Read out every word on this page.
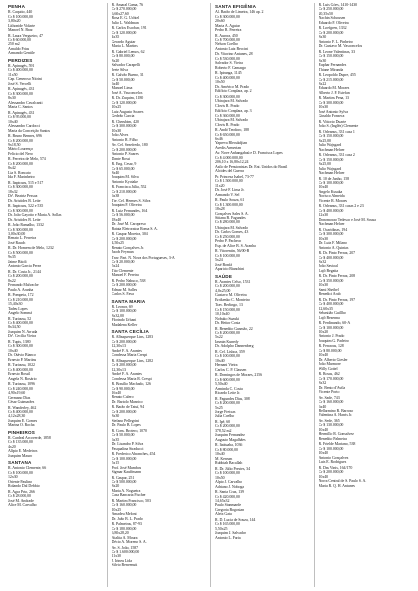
PENHA
R. Caquito, 440
Cr $ 100.000,00
3,80x20
Lithonide Vidarte
Manoel N. Braz
R. Laura Vergueiro, 47
Cr $ 60.000,00
250 m2
Arnaldo Frias
Armando Gentile
PERDIZES
R. Apinagés, 591
Cr $ 400.000,00
11x50
Cap. Generoso Nitrini
José S. Vercelli
R. Apinagés, 431
Cr $ 300.000,00
8x30
Alessandro Cavalcanti
Maria C. Santos
R. Apinagés, 431
Cr $ 95.000,00
10x40
Alessandro Cardocci
Maria da Conceição Santos
R. Bruno Bennes, 696
Cr $ 200.000,00
9x18,50
Mário Lourenço
Felicio del Nero
R. Ferreira de Melo, 574
Cr $ 200.000,00
8x42
Lia S. Roncato
Ida F. Marinheiro
R. Itapicuru, 515 e 517
Cr $ 300.000,00
18x32
Drª. Beatriz Pessoa
Dr. Aristides B. Leite
R. Itapicuru, 522 e 535
Cr $ 300.000,00
Dr. João Gayotto e Maria A. Sollas
Dr. Aristides B. Leite
R. João Ramalho, 1332
Cr $ 300.000,00
3,00x30,00
Renato L. Ferreira
José Rauch
R. Dr. Homem de Melo, 1232
Cr $ 500.000,00
9x35
Jaime Bitoli
Antonio Garcia Perez
R. Dr. Costa Jr., 2144
Cr $ 200.000,00
8x22
Fernando Malvache
Paulo A. Aranha
R. Pompeia, 172
Cr $ 210.000,00
15,40x30
Tadeu Lopes
Angelo Sommá
R. Turiassu, 52
Cr $ 400.000,00
8x34,50
Joaquim N. Arruda
Drª. Cecília Vieira
R. Tupis, 1380
Cr $ 300.000,00
10x40
Dr. Otávio Bianco
Ernesto P. Martins
R. Turiassu, 1022
Cr $ 400.000,00
Ernesto Bossil
Angela N. Rosário
R. Turiassu, 1096
Cr $ 240.000,00
4,90x19,60
Germano Dias
César Guimarães
R. Wanderley, 462
Cr $ 400.000,00
4,12x28,30
Joaquim E. Gomes
Marina O. Rocha
PINHEIROS
R. Cardeal Arcoverde, 1858
Cr $ 135.000,00
4x20
Alípio E. Medeiros
Joaquim Mauro
SANTANA
R. Antonio Clemente, 66
Cr $ 100.000,00
12x30
Oriente Paulino
Rolando Dal Debbio
R. Agra Prto, 266
Cr $ 28.000,00
José M. Andrade
Alice M. Carvalho
R. Amaral Gama, 76
Cr $ 270.000,00
6,60x27,60
Rosa E. G. Üchtel
Julio L. Waldman
R. Carlos Escobar, 191
Cr $ 120.000,00
4x35
Gerardo Aguiar
Maria L. Martins
R. Gabriel Lemos, 62
Cr $ 80.000,00
8x20
Salvador Carapelli
Ivete Silva
R. Galvão Bueno, 31
Cr $ 50.000,00
6x40
Manoel Lima
José A. Vasconcelos
R. Dr. Zuquim, 1180
Cr $ 120.000,00
10x25
Luiz Augusto Soares
Gedeão Garcia
R. Cherubim, 420
Cr $ 300.000,00
10x30
João Alves
Antonio R. Filho
Av. Cel. Sezefredo, 180
Cr $ 200.000,00
Antonio P. Soares
Dante Rossi
R. Eng. Cesar, 9
Cr $ 65.000,00
8x40
Joaquim M. Silva
Antonio Kyotake
R. Francisca Júlia, 552
Cr $ 210.000,00
6x38
Tte. Cel. Hermes S. Silva
Joaquim F. Oliveira
R. Luiz Fernandes, 164
Cr $ 56.000,00
18x40
Dr. José M. Caropreso
Batata Eletroratoa Roma S. A.
R. Gaspar Moreira, 304
Cr $ 200.000,00
4,50x25
Renato Gonçalves Jr.
Jacob Feyman
Trav. Part. N. Nova dos Portugueses, 3-A
Cr $ 20.000,00
5x24
Tito Clemente
Manoel F. Pereira
R. Pedro Nabuco, 538
Cr $ 200.000,00
Edmar M. Salles
Carlos S. Fava
SANTA MARIA
R. Leonor, 69
Cr $ 100.000,00
8x32,00
Florindo Urbani
Madalena Keller
SANTA CECÍLIA
R. Albuquerque Lins, 1283
Cr $ 200.000,00
12,30x13
André F. A. Arantes
Condessa Maria Crespi
R. Albuquerque Lins, 1282
Cr $ 200.000,00
12,30x13
André F. A. Arantes
Condessa Maria R. Crespi
R. Brasílio Machado, 126
Cr $ 90.000,00
16x40
Renato Calero
Dr. Bartolo Manrico
R. Barão de Tatuí, 94
Cr $ 200.000,00
8x30
Stefano Pellegrini
Dr. Paulo B. Lopes
R. Cons. Brotero, 1070
Cr $ 50.000,00
6x35
Dr. Lisandro P. Silva
Pasqualina Straducci
R. Frederico Abranches, 454
Cr $ 100.000,00
5x15
Prof. José Mumbos
Sigmar Kauffmann
R. Gaspar, 251
Cr $ 500.000,00
8x20
Maria A. Nogueira
Casa Bancaria Fischer
R. Martim Francisco, 503
Cr $ 160.000,00
10x25
Amadeu Meloni
Dr. João B. L. Prado
R. Palmeiras, 87-93
Cr $ 180.000,00
6,80x28,20
Atalita A. Moura
Décio A. Moreno S. A.
Av. S. João, 1587
Cr $ 1.600.000,00
11x30
J. Irineu Lida
Silvio Benvenuti
SANTA EFIGÊNIA
Al. Barão de Limeira, 146 ap. 2
Cr $ 300.000,00
20x60
Maria A. Aguiar
Pedro R. Ferreira
R. Aurora, 450
Cr $ 700.000,00
Nelson Coelho
Antonio Luiz Beccini
Dr. Vitorino Antunes, 28
Cr $ 530.000,00
Salvador S. Vieira
Roberto F. Camargo
R. Ipiranga, 1145
Cr $ 400.000,00
10x50
Dr. Américo M. Prado
Edifício Conplara, ap. 2
Cr $ 300.000,00
Ubirajara M. Salvado
Clovis R. Prado
Edifício Conplara, ap. 3
Cr $ 360.000,00
Ubirajara M. Salvado
Clovis R. Prado
R. Andó Teodoro, 188
Cr $ 650.000,00
6x46
Yapreva Blecukdjian
Avedis Armerian
Av. Nove Anhangabaú e D. Francisca Lopes
Cr $ 4.000.000,00
206,10 x 16,80x12,24
Asilo de Pensionistas Dr. Ent. Unidos do Brasil
Alcides del Guerra
Pr. Princesa Isabel, 73-77
Cr $ 1.500.000,00
11x20
Dr. José F. Lima Jr.
Armando V. Sel
R. Paulo Souza, 61
Cr $ 1.300.000,00
18x28
Gonçalves Sales S. A.
Sitiana B. Fagundes
Cr $ 280.000,00
Ubirajara M. Salvado
Dr. Carlos Gomes, 43
Cr $ 250.000,00
Pedro P. Pacheco
Esp. de Alice B. S. Aranha
R. Vitorentin, 56/00-B
Cr $ 100.000,00
5x24
José Bonfá
Aparicio Bianchini
SAÚDE
R. Arantes Celso, 1531
Cr $ 200.000,00
4,0x25,00
Gustavo M. Oliveira
Errikenko C. Monteiro
Trav. Berlingo, 13
Cr $ 150.000,00
10,10x40
Nobuko Suzuki
Dr. Heitor Costa
R. Benedito Gusmão, 22
Cr $ 200.000,00
5x22
Iasmin Kunedy
Dr. Adolpho Dannenberg
R. Cel. Lisboa, 359
Cr $ 100.000,00
10x40
Hernani Vieira
Carlos C. P. Clausen
R. Domingos de Moraes, 2156
Cr $ 600.000,00
5,50x40
Arminda C. Costa
Ricardo Leite Jr.
R. Fagundes Dias, 308
Cr $ 200.000,00
5x25
Jorge Freixas
Julia Coelho
R. Ipê, 60
Cr $ 200.000,00
378,52 m2
Joaquim Fernandez
Augusto Magalhães
R. Itaituaba, 1036
Cr $ 80.000,00
10x40
M. Kerrum
Rubbiah Bacallah
R. Dr. Júlio Prestes, 34
Cr $ 100.000,00
10x50
Alpio J. Carvalho
Adriano J. Noboga
R. Santa Cruz, 139
Cr $ 420.000,00
14,65x32
Paulo Stanmarde
Gregoria Bogosian
Aleix Gata
R. D. Lucia de Souza, 144
Cr $ 165.000,00
5,50x25
Joaquim J. Salvador
Antonio L. Faria
R. Luis Góes, 1410-1430
Cr $ 250.000,00
20,35x50
Nachin Schousen
Eduardo F. Oliveira
R. Loefgren, 1332
Cr $ 200.000,00
8x30
Antonio F. L. Pinheiro
Dr. Gustavo M. Vasconcelos
R. Leone Valentinas, 33
Cr $ 150.000,00
8x30
Euphar Fernandes
Thiane Miranda
R. Leopoldo Dupre, 455
Cr $ 215.000,00
8x22
Eduardo M. Moraes
Alberto J. F. Estefan
R. Martins Pena, 13
Cr $ 300.000,00
10x30
José Antonio Sylva
Ginaldo Fonseca
R. Vittorio Duarte
João S. (Inglêz) Clemente
R. Orleanus, 331 casa 1
Cr $ 150.000,00
8x25,00
Julio Wajsgard
Nachman Heloer
R. Orleanus, 331 casa 2
Cr $ 150.000,00
8x25,00
Julio Wajsgard
Nachman Heloer
R. 10 de Junho, 158
Cr $ 100.000,00
10x40
Angelo Kusaka
Norisco Almeida
Vicente R. Moraes
R. Orleanus, 331 casas 2 e 23
Cr $ 400.000,00
12x30
Donomorao Tedesco e José M. Sousa
Nachman Heloer
R. Ocaridinas, 194
Cr $ 300.000,00
10x30
Dr. Luiz F. Milano
Antonio A. Quintas
R. Dr. Pinto Ferraz, 207
Cr $ 400.000,00
8x32
João Savioal
Lajô Begatta
R. Dr. Pinto Ferraz, 208
Cr $ 350.000,00
10x30
Sami Sheibel
Benedict Arab
R. Dr. Pinto Ferraz, 197
Cr $ 400.000,00
12,60x35
Sebastião Guillho
Lajô Bezenna
R. Ferdinando, 60-A
Cr $ 100.000,00
10x20
Antonio J. Prado
Joaquim G. Padeiro
R. Ferraoas, 128
Cr $ 80.000,00
10x40
Dr. Alberto Giesler
João Marmore
Willy Gottel
R. Rosas, 462
Cr $ 170.000,00
8x32
Dr. Bento d'Avila
Vicente Porto
Av. Sade, 743
Cr $ 160.000,00
6x40
Bellarmino R. Barroso
Valentina A. Harris Jr.
Av. Sede, 365
Cr $ 130.000,00
10x40
Hermillo R. Gonsalvez
Benedito Palmeira
R. Frielde Mariano, 538
Cr $ 100.000,00
10x40
Antonio Gonçalvez
Luis E. Rodrigues
R. Das Vinis, 164/170
Cr $ 200.000,00
10x40
Norra Central de S. Paulo S. A.
Maria R. Q. H. Antunes
